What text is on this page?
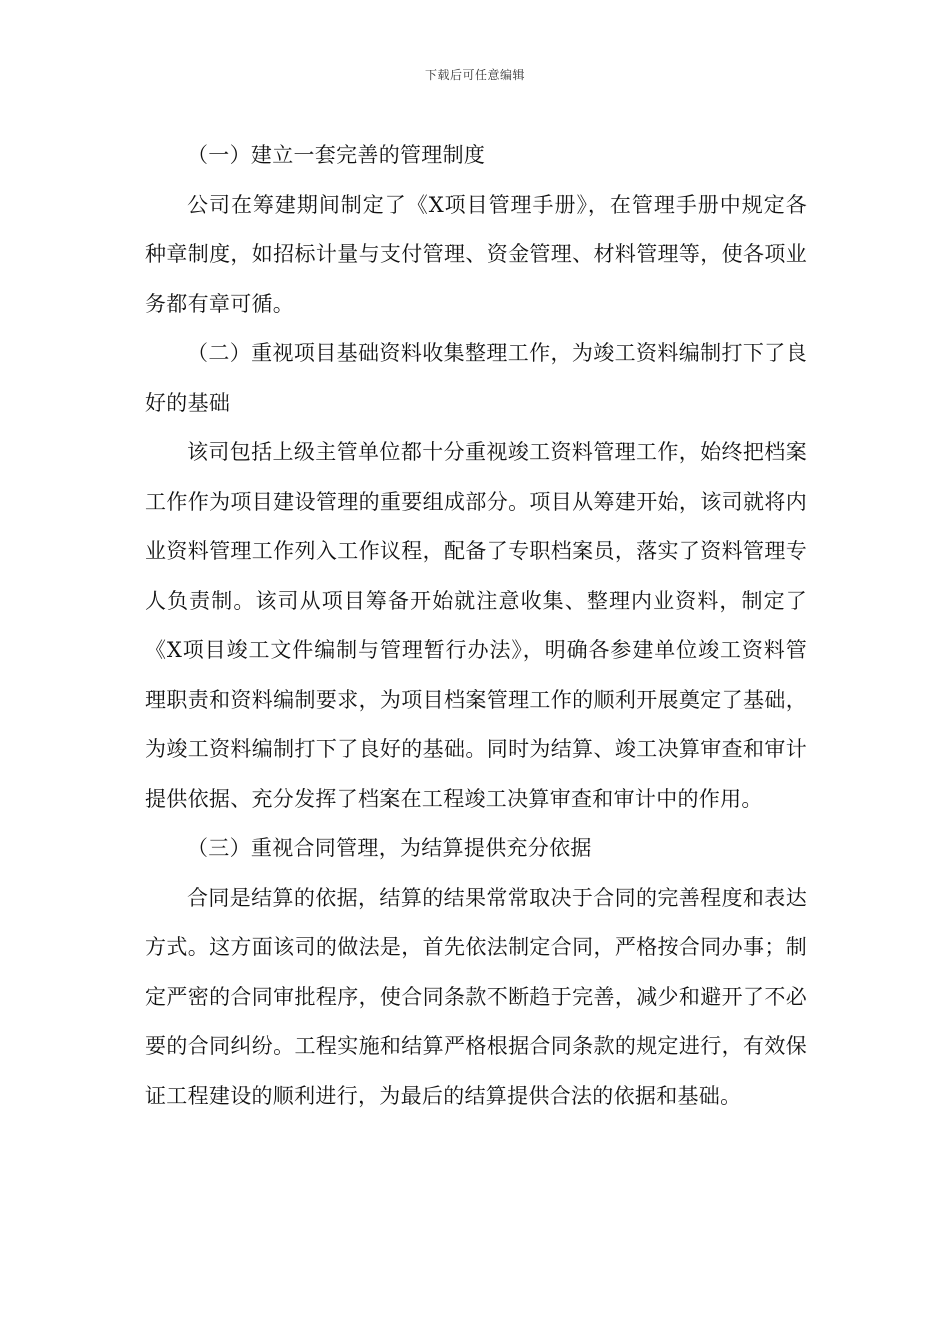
下载后可任意编辑

（一）建立一套完善的管理制度

公司在筹建期间制定了《X项目管理手册》，在管理手册中规定各种章制度，如招标计量与支付管理、资金管理、材料管理等，使各项业务都有章可循。

（二）重视项目基础资料收集整理工作，为竣工资料编制打下了良好的基础

该司包括上级主管单位都十分重视竣工资料管理工作，始终把档案工作作为项目建设管理的重要组成部分。项目从筹建开始，该司就将内业资料管理工作列入工作议程，配备了专职档案员，落实了资料管理专人负责制。该司从项目筹备开始就注意收集、整理内业资料，制定了《X项目竣工文件编制与管理暂行办法》，明确各参建单位竣工资料管理职责和资料编制要求，为项目档案管理工作的顺利开展奠定了基础，为竣工资料编制打下了良好的基础。同时为结算、竣工决算审查和审计提供依据、充分发挥了档案在工程竣工决算审查和审计中的作用。

（三）重视合同管理，为结算提供充分依据

合同是结算的依据，结算的结果常常取决于合同的完善程度和表达方式。这方面该司的做法是，首先依法制定合同，严格按合同办事；制定严密的合同审批程序，使合同条款不断趋于完善，减少和避开了不必要的合同纠纷。工程实施和结算严格根据合同条款的规定进行，有效保证工程建设的顺利进行，为最后的结算提供合法的依据和基础。
